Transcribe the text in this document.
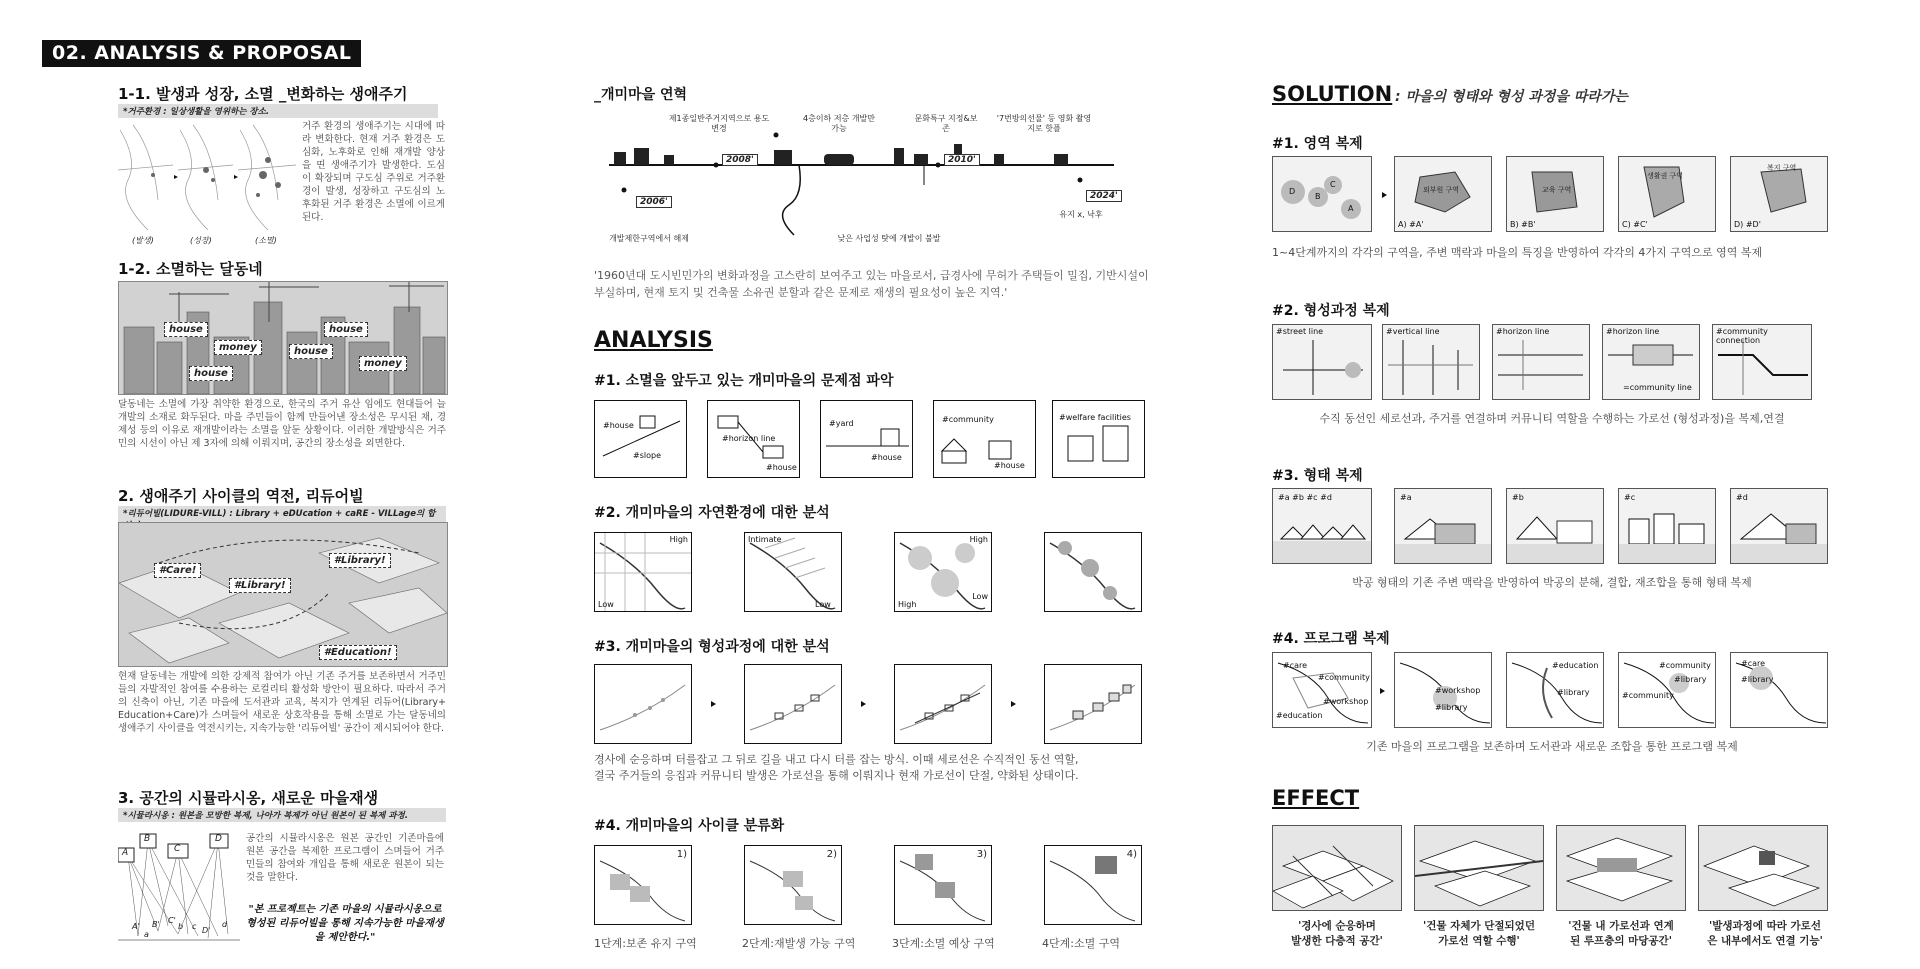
02. ANALYSIS & PROPOSAL
1-1. 발생과 성장, 소멸 _변화하는 생애주기
*거주환경 : 일상생활을 영위하는 장소.
(발생)	(성장)	(소멸)
거주 환경의 생애주기는 시대에 따라 변화한다. 현재 거주 환경은 도심화, 노후화로 인해 재개발 양상을 띤 생애주기가 발생한다. 도심이 확장되며 구도심 주위로 거주환경이 발생, 성장하고 구도심의 노후화된 거주 환경은 소멸에 이르게 된다.
1-2. 소멸하는 달동네
house
money
house
house
house
money
달동네는 소멸에 가장 취약한 환경으로, 한국의 주거 유산 임에도 현대들어 늘 개발의 소재로 화두된다. 마을 주민들이 함께 만들어낸 장소성은 무시된 채, 경제성 등의 이유로 재개발이라는 소멸을 앞둔 상황이다. 이러한 개발방식은 거주민의 시선이 아닌 제 3자에 의해 이뤄지며, 공간의 장소성을 외면한다.
2. 생애주기 사이클의 역전, 리듀어빌
*리듀어빌(LIDURE-VILL) : Library + eDUcation + caRE - VILLage의 합
#Care!
#Library!
#Library!
#Education!
현재 달동네는 개발에 의한 강제적 참여가 아닌 기존 주거를 보존하면서 거주민들의 자발적인 참여를 수용하는 로컬리티 활성화 방안이 필요하다. 따라서 주거의 신축이 아닌, 기존 마을에 도서관과 교육, 복지가 연계된 리듀어(Library+ Education+Care)가 스며들어 새로운 상호작용을 통해 소멸로 가는 달동네의 생애주기 사이클을 역전시키는, 지속가능한 '리듀어빌' 공간이 제시되어야 한다.
3. 공간의 시뮬라시옹, 새로운 마을재생
*시뮬라시옹 : 원본을 모방한 복제, 나아가 복제가 아닌 원본이 된 복제 과정.
A
B
C
D
A' B' C'
D'
a
b c	d
공간의 시뮬라시옹은 원본 공간인 기존마을에 원본 공간을 복제한 프로그램이 스며들어 거주민들의 참여와 개입을 통해 새로운 원본이 되는것을 말한다.
"본 프로젝트는 기존 마을의 시뮬라시옹으로 형성된 리듀어빌을 통해 지속가능한 마을재생을 제안한다."
_개미마을 연혁
2006'
2008'	2010'
2024'
개발제한구역에서 해제
제1종일반주거지역으로 용도 변경
4층이하 저층 개발만 가능
낮은 사업성 탓에 개발이 불발
문화특구 지정&보존
'7번방의선물' 등 영화 촬영지로 핫플
유지 x, 낙후
'1960년대 도시빈민가의 변화과정을 고스란히 보여주고 있는 마을로서, 급경사에 무허가 주택들이 밀집, 기반시설이 부실하며, 현재 토지 및 건축물 소유권 분할과 같은 문제로 재생의 필요성이 높은 지역.'
ANALYSIS
#1. 소멸을 앞두고 있는 개미마을의 문제점 파악
#house
#slope
#horizon line
#house
#yard
#house
#community
#house
#welfare facilities
#2. 개미마을의 자연환경에 대한 분석
High
Low
Intimate
Low
High
High
Low
#3. 개미마을의 형성과정에 대한 분석
경사에 순응하며 터를잡고 그 뒤로 길을 내고 다시 터를 잡는 방식. 이때 세로선은 수직적인 동선 역할,
결국 주거들의 응집과 커뮤니티 발생은 가로선을 통해 이뤄지나 현재 가로선이 단절, 약화된 상태이다.
#4. 개미마을의 사이클 분류화
1)
1단계:보존 유지 구역
2)
2단계:재발생 가능 구역
3)
3단계:소멸 예상 구역
4)
4단계:소멸 구역
SOLUTION : 마을의 형태와 형성 과정을 따라가는
#1. 영역 복제
D
B
C
A
외부원 구역
A) #A'
교육 구역
B) #B'
생활권 구역
C) #C'
복지 구역
D) #D'
1~4단계까지의 각각의 구역을, 주변 맥락과 마을의 특징을 반영하여 각각의 4가지 구역으로 영역 복제
#2. 형성과정 복제
#street line	#vertical line	#horizon line	#horizon line
=community line
#community connection
수직 동선인 세로선과, 주거를 연결하며 커뮤니티 역할을 수행하는 가로선 (형성과정)을 복제,연결
#3. 형태 복제
#a #b #c #d	#a	#b	#c	#d
박공 형태의 기존 주변 맥락을 반영하여 박공의 분해, 결합, 재조합을 통해 형태 복제
#4. 프로그램 복제
#care
#community
#education
#workshop
#workshop
#library
#education
#library
#community
#library
#community
#care
#library
기존 마을의 프로그램을 보존하며 도서관과 새로운 조합을 통한 프로그램 복제
EFFECT
'경사에 순응하며
발생한 다층적 공간'
'건물 자체가 단절되었던
가로선 역할 수행'
'건물 내 가로선과 연계
된 루프층의 마당공간'
'발생과정에 따라 가로선
은 내부에서도 연결 기능'
